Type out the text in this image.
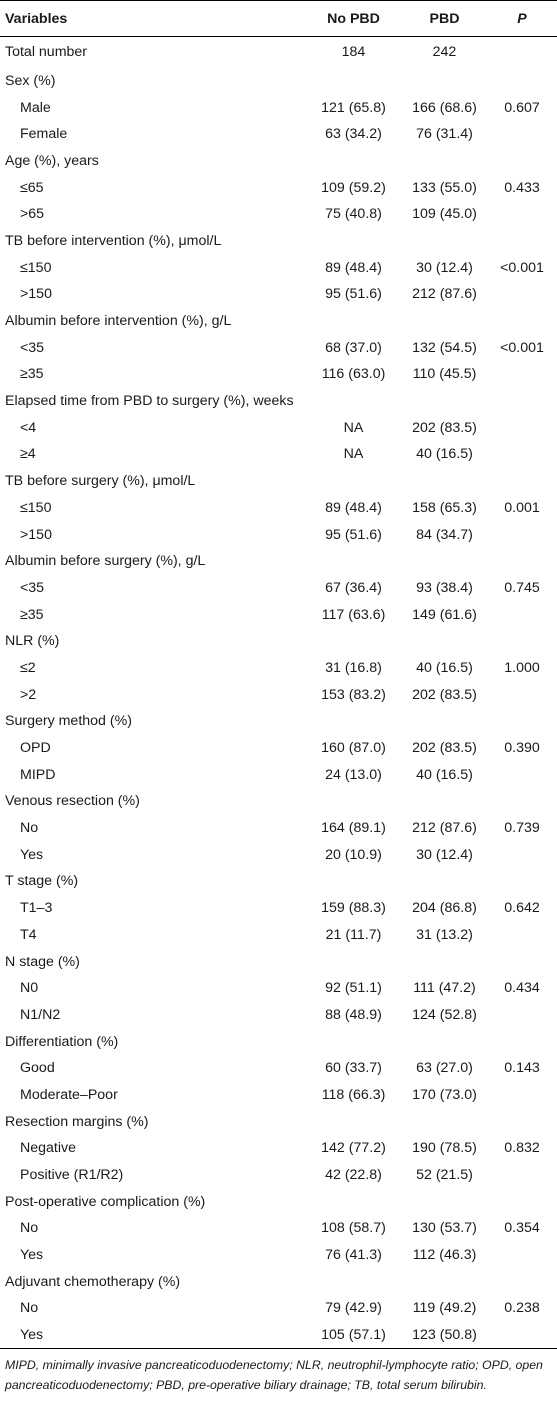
Variables	No PBD	PBD	P
Total number	184	242	
Sex (%)			
Male	121 (65.8)	166 (68.6)	0.607
Female	63 (34.2)	76 (31.4)	
Age (%), years			
≤65	109 (59.2)	133 (55.0)	0.433
>65	75 (40.8)	109 (45.0)	
TB before intervention (%), μmol/L			
≤150	89 (48.4)	30 (12.4)	<0.001
>150	95 (51.6)	212 (87.6)	
Albumin before intervention (%), g/L			
<35	68 (37.0)	132 (54.5)	<0.001
≥35	116 (63.0)	110 (45.5)	
Elapsed time from PBD to surgery (%), weeks			
<4	NA	202 (83.5)	
≥4	NA	40 (16.5)	
TB before surgery (%), μmol/L			
≤150	89 (48.4)	158 (65.3)	0.001
>150	95 (51.6)	84 (34.7)	
Albumin before surgery (%), g/L			
<35	67 (36.4)	93 (38.4)	0.745
≥35	117 (63.6)	149 (61.6)	
NLR (%)			
≤2	31 (16.8)	40 (16.5)	1.000
>2	153 (83.2)	202 (83.5)	
Surgery method (%)			
OPD	160 (87.0)	202 (83.5)	0.390
MIPD	24 (13.0)	40 (16.5)	
Venous resection (%)			
No	164 (89.1)	212 (87.6)	0.739
Yes	20 (10.9)	30 (12.4)	
T stage (%)			
T1–3	159 (88.3)	204 (86.8)	0.642
T4	21 (11.7)	31 (13.2)	
N stage (%)			
N0	92 (51.1)	111 (47.2)	0.434
N1/N2	88 (48.9)	124 (52.8)	
Differentiation (%)			
Good	60 (33.7)	63 (27.0)	0.143
Moderate–Poor	118 (66.3)	170 (73.0)	
Resection margins (%)			
Negative	142 (77.2)	190 (78.5)	0.832
Positive (R1/R2)	42 (22.8)	52 (21.5)	
Post-operative complication (%)			
No	108 (58.7)	130 (53.7)	0.354
Yes	76 (41.3)	112 (46.3)	
Adjuvant chemotherapy (%)			
No	79 (42.9)	119 (49.2)	0.238
Yes	105 (57.1)	123 (50.8)	
MIPD, minimally invasive pancreaticoduodenectomy; NLR, neutrophil-lymphocyte ratio; OPD, open pancreaticoduodenectomy; PBD, pre-operative biliary drainage; TB, total serum bilirubin.
